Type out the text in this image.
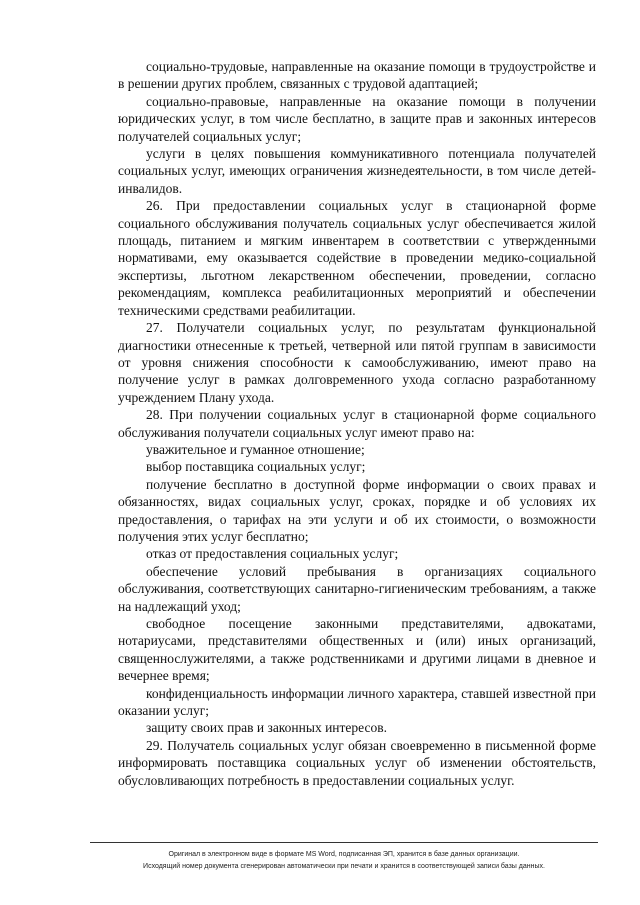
социально-трудовые, направленные на оказание помощи в трудоустройстве и в решении других проблем, связанных с трудовой адаптацией;

социально-правовые, направленные на оказание помощи в получении юридических услуг, в том числе бесплатно, в защите прав и законных интересов получателей социальных услуг;

услуги в целях повышения коммуникативного потенциала получателей социальных услуг, имеющих ограничения жизнедеятельности, в том числе детей-инвалидов.

26. При предоставлении социальных услуг в стационарной форме социального обслуживания получатель социальных услуг обеспечивается жилой площадь, питанием и мягким инвентарем в соответствии с утвержденными нормативами, ему оказывается содействие в проведении медико-социальной экспертизы, льготном лекарственном обеспечении, проведении, согласно рекомендациям, комплекса реабилитационных мероприятий и обеспечении техническими средствами реабилитации.

27. Получатели социальных услуг, по результатам функциональной диагностики отнесенные к третьей, четверной или пятой группам в зависимости от уровня снижения способности к самообслуживанию, имеют право на получение услуг в рамках долговременного ухода согласно разработанному учреждением Плану ухода.

28. При получении социальных услуг в стационарной форме социального обслуживания получатели социальных услуг имеют право на:

уважительное и гуманное отношение;

выбор поставщика социальных услуг;

получение бесплатно в доступной форме информации о своих правах и обязанностях, видах социальных услуг, сроках, порядке и об условиях их предоставления, о тарифах на эти услуги и об их стоимости, о возможности получения этих услуг бесплатно;

отказ от предоставления социальных услуг;

обеспечение условий пребывания в организациях социального обслуживания, соответствующих санитарно-гигиеническим требованиям, а также на надлежащий уход;

свободное посещение законными представителями, адвокатами, нотариусами, представителями общественных и (или) иных организаций, священнослужителями, а также родственниками и другими лицами в дневное и вечернее время;

конфиденциальность информации личного характера, ставшей известной при оказании услуг;

защиту своих прав и законных интересов.

29. Получатель социальных услуг обязан своевременно в письменной форме информировать поставщика социальных услуг об изменении обстоятельств, обусловливающих потребность в предоставлении социальных услуг.

Оригинал в электронном виде в формате MS Word, подписанная ЭП, хранится в базе данных организации.
Исходящий номер документа сгенерирован автоматически при печати и хранится в соответствующей записи базы данных.
